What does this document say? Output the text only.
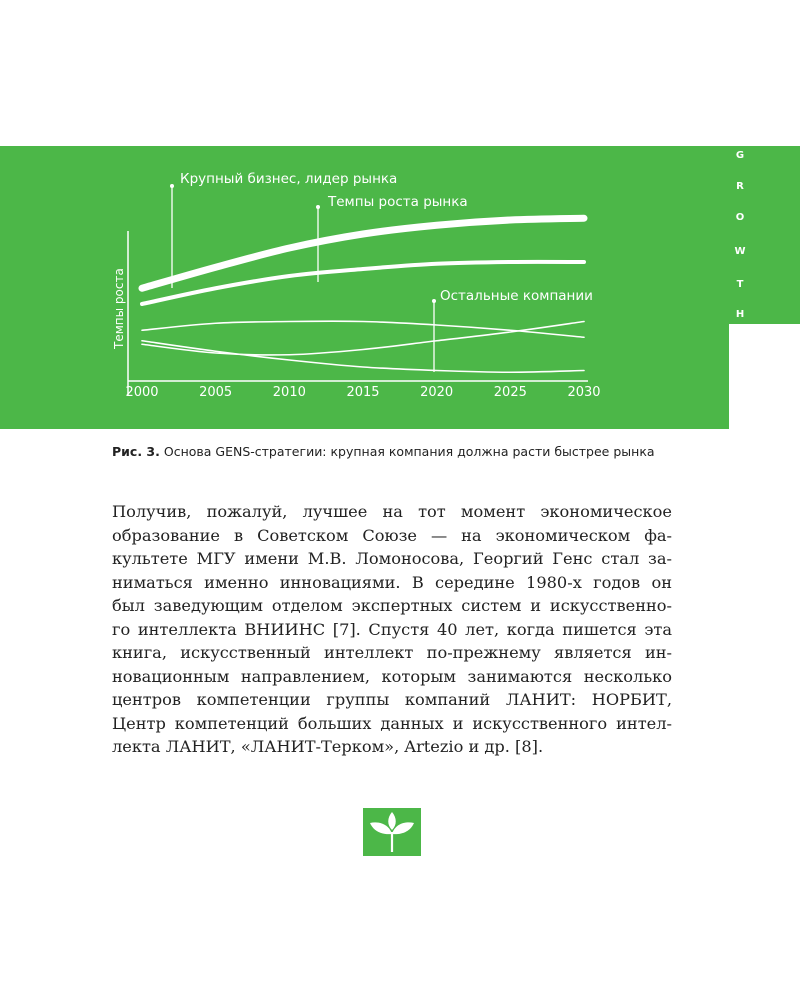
G
R
O
W
T
H
Темпы роста
2000	2005	2010	2015	2020	2025	2030
Крупный бизнес, лидер рынка
Темпы роста рынка
Остальные компании
Рис. 3. Основа GENS-стратегии: крупная компания должна расти быстрее рынка
Получив, пожалуй, лучшее на тот момент экономическое
образование в Советском Союзе — на экономическом фа-
культете МГУ имени М.В. Ломоносова, Георгий Генс стал за-
ниматься именно инновациями. В середине 1980-х годов он
был заведующим отделом экспертных систем и искусственно-
го интеллекта ВНИИНС [7]. Спустя 40 лет, когда пишется эта
книга, искусственный интеллект по-прежнему является ин-
новационным направлением, которым занимаются несколько
центров компетенции группы компаний ЛАНИТ: НОРБИТ,
Центр компетенций больших данных и искусственного интел-
лекта ЛАНИТ, «ЛАНИТ-Терком», Artezio и др. [8].
